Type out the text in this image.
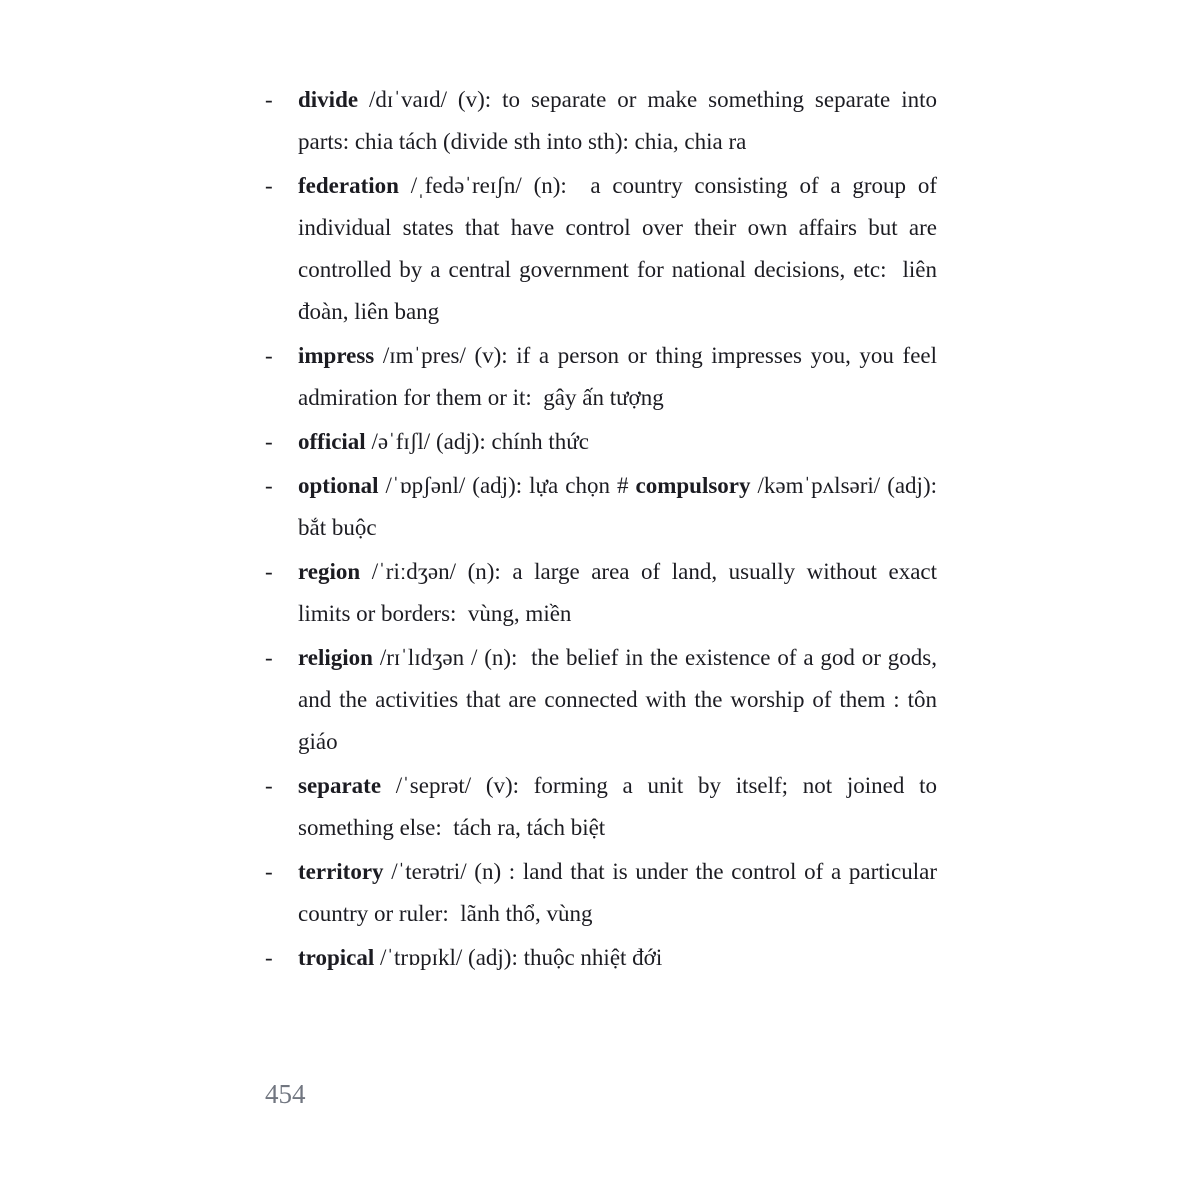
- divide /dɪˈvaɪd/ (v): to separate or make something separate into parts: chia tách (divide sth into sth): chia, chia ra
- federation /ˌfedəˈreɪʃn/ (n):  a country consisting of a group of individual states that have control over their own affairs but are controlled by a central government for national decisions, etc:  liên đoàn, liên bang
- impress /ɪmˈpres/ (v): if a person or thing impresses you, you feel admiration for them or it:  gây ấn tượng
- official /əˈfɪʃl/ (adj): chính thức
- optional /ˈɒpʃənl/ (adj): lựa chọn # compulsory /kəmˈpʌlsəri/ (adj): bắt buộc
- region /ˈriːdʒən/ (n): a large area of land, usually without exact limits or borders:  vùng, miền
- religion /rɪˈlɪdʒən / (n):  the belief in the existence of a god or gods, and the activities that are connected with the worship of them : tôn giáo
- separate /ˈseprət/ (v): forming a unit by itself; not joined to something else:  tách ra, tách biệt
- territory /ˈterətri/ (n) : land that is under the control of a particular country or ruler:  lãnh thổ, vùng
- tropical /ˈtrɒpɪkl/ (adj): thuộc nhiệt đới
454
